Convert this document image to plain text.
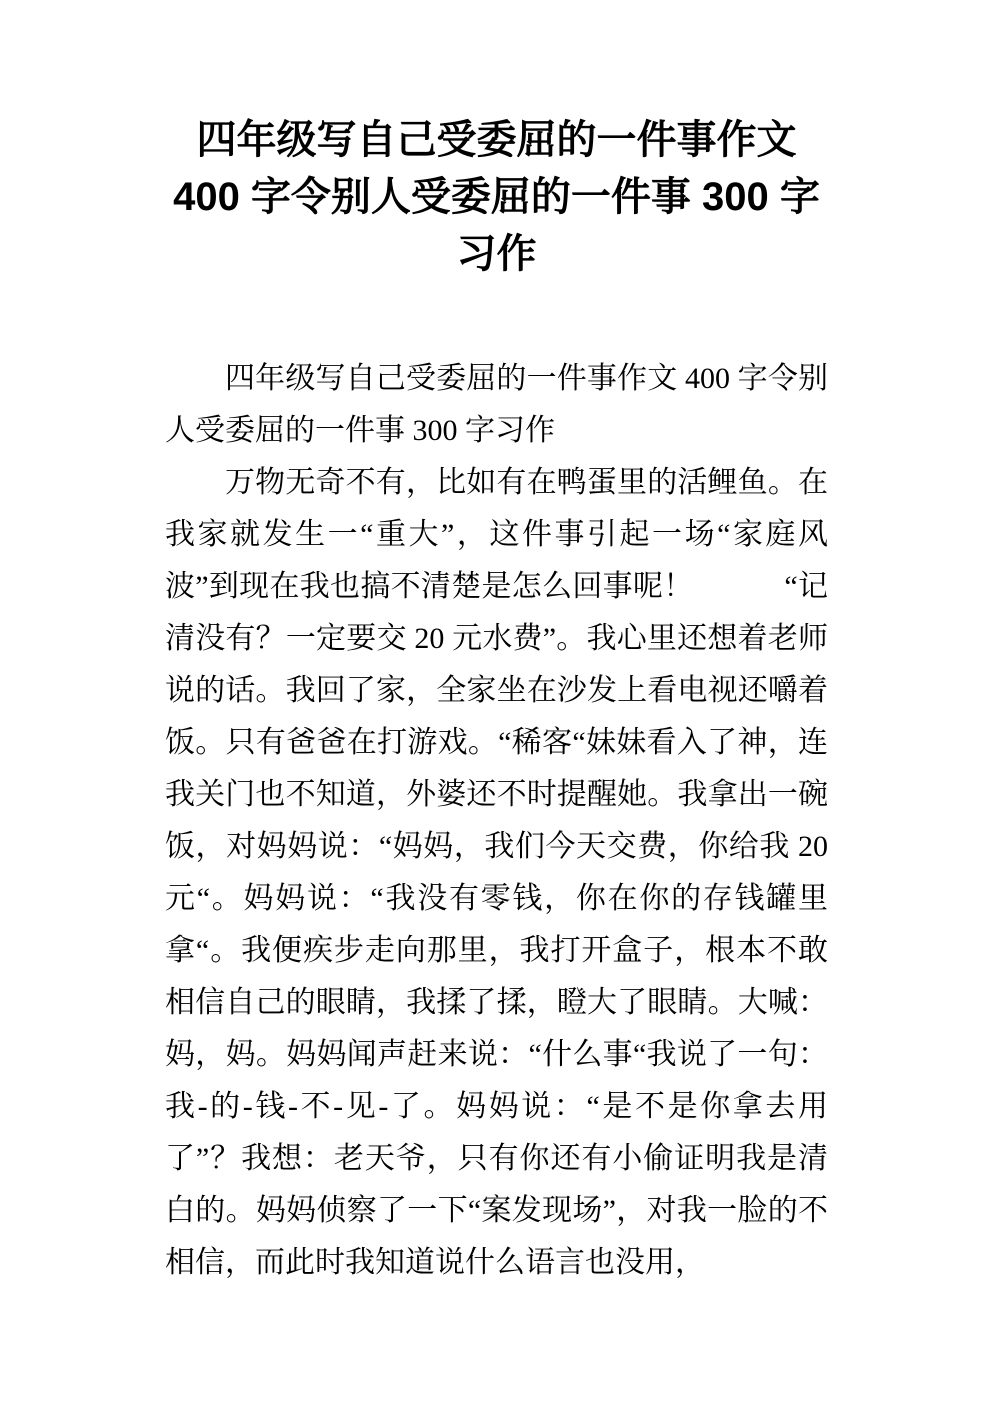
四年级写自己受委屈的一件事作文
400 字令别人受委屈的一件事 300 字
习作

四年级写自己受委屈的一件事作文 400 字令别人受委屈的一件事 300 字习作

万物无奇不有，比如有在鸭蛋里的活鲤鱼。在我家就发生一“重大”，这件事引起一场“家庭风波”到现在我也搞不清楚是怎么回事呢！　　　“记清没有？一定要交 20 元水费”。我心里还想着老师说的话。我回了家，全家坐在沙发上看电视还嚼着饭。只有爸爸在打游戏。“稀客“妹妹看入了神，连我关门也不知道，外婆还不时提醒她。我拿出一碗饭，对妈妈说：“妈妈，我们今天交费，你给我 20 元“。妈妈说：“我没有零钱，你在你的存钱罐里拿“。我便疾步走向那里，我打开盒子，根本不敢相信自己的眼睛，我揉了揉，瞪大了眼睛。大喊：妈，妈。妈妈闻声赶来说：“什么事“我说了一句：我-的-钱-不-见-了。妈妈说：“是不是你拿去用了”？我想：老天爷，只有你还有小偷证明我是清白的。妈妈侦察了一下“案发现场”，对我一脸的不相信，而此时我知道说什么语言也没用，
